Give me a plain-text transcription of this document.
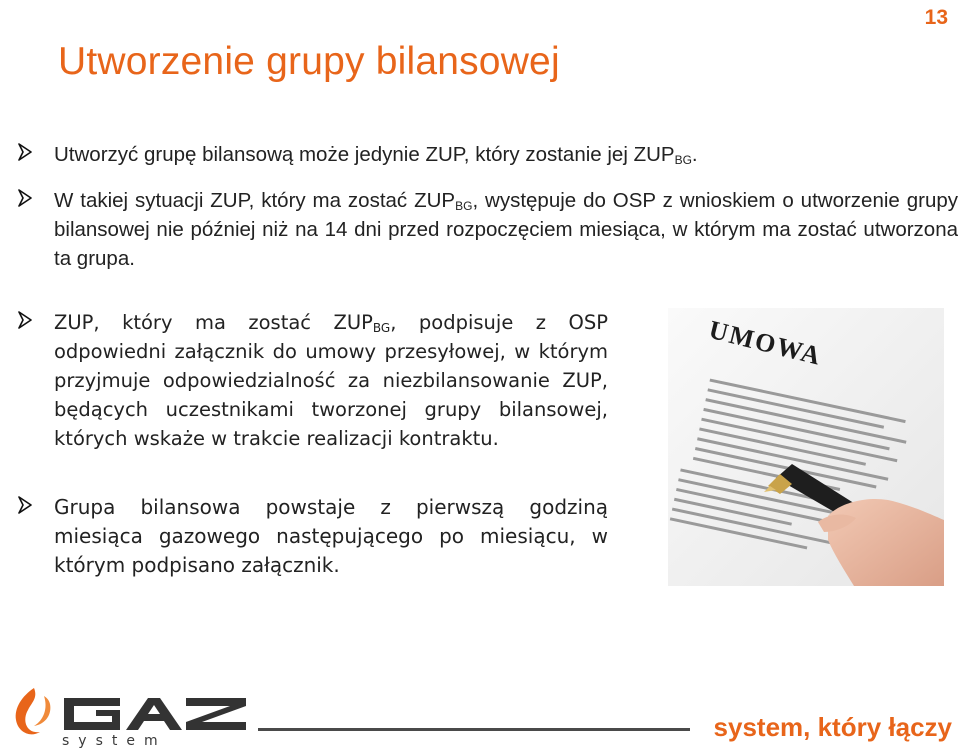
13
Utworzenie grupy bilansowej
Utworzyć grupę bilansową może jedynie ZUP, który zostanie jej $ZUP_{BG}$.
W takiej sytuacji ZUP, który ma zostać $ZUP_{BG}$, występuje do OSP z wnioskiem o utworzenie grupy bilansowej nie później niż na 14 dni przed rozpoczęciem miesiąca, w którym ma zostać utworzona ta grupa.
ZUP, który ma zostać $ZUP_{BG}$, podpisuje z OSP odpowiedni załącznik do umowy przesyłowej, w którym przyjmuje odpowiedzialność za niezbilansowanie ZUP, będących uczestnikami tworzonej grupy bilansowej, których wskaże w trakcie realizacji kontraktu.
Grupa bilansowa powstaje z pierwszą godziną miesiąca gazowego następującego po miesiącu, w którym podpisano załącznik.
UMOWA
system	system, który łączy
